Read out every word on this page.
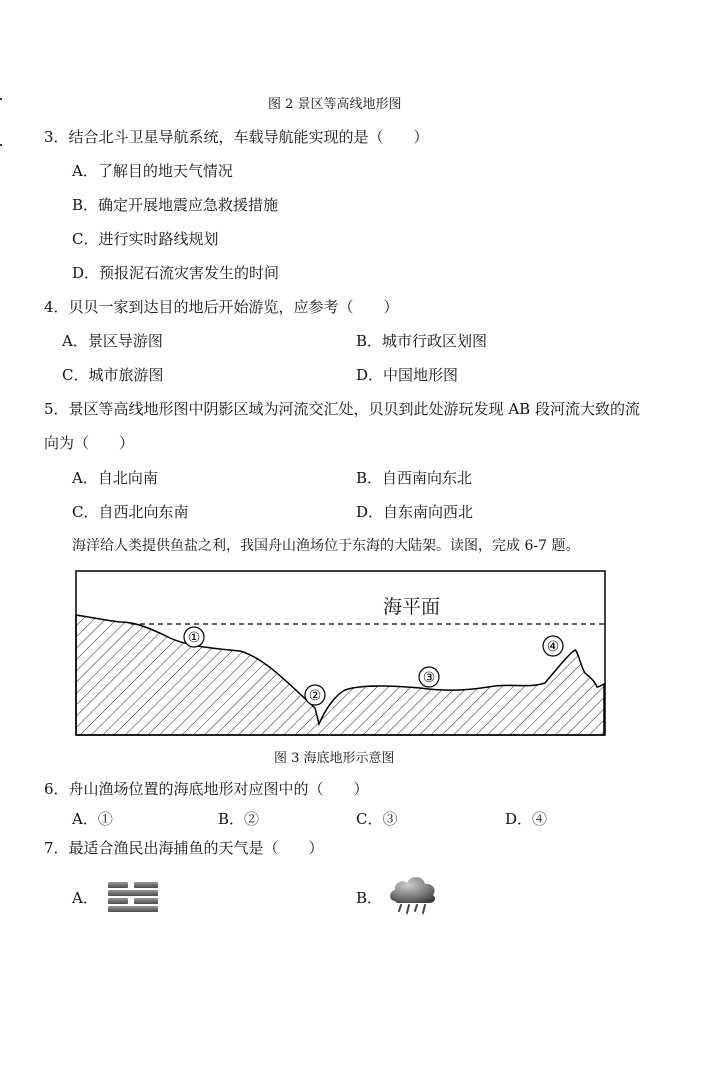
图 2 景区等高线地形图
3．结合北斗卫星导航系统，车载导航能实现的是（　　）
A．了解目的地天气情况
B．确定开展地震应急救援措施
C．进行实时路线规划
D．预报泥石流灾害发生的时间
4．贝贝一家到达目的地后开始游览，应参考（　　）
A．景区导游图	B．城市行政区划图
C．城市旅游图	D．中国地形图
5．景区等高线地形图中阴影区域为河流交汇处，贝贝到此处游玩发现 AB 段河流大致的流
向为（　　）
A．自北向南	B．自西南向东北
C．自西北向东南	D．自东南向西北
海洋给人类提供鱼盐之利，我国舟山渔场位于东海的大陆架。读图，完成 6-7 题。
海平面
①
②
③
④
图 3 海底地形示意图
6．舟山渔场位置的海底地形对应图中的（　　）
A．①	B．②	C．③	D．④
7．最适合渔民出海捕鱼的天气是（　　）
A．	B．
